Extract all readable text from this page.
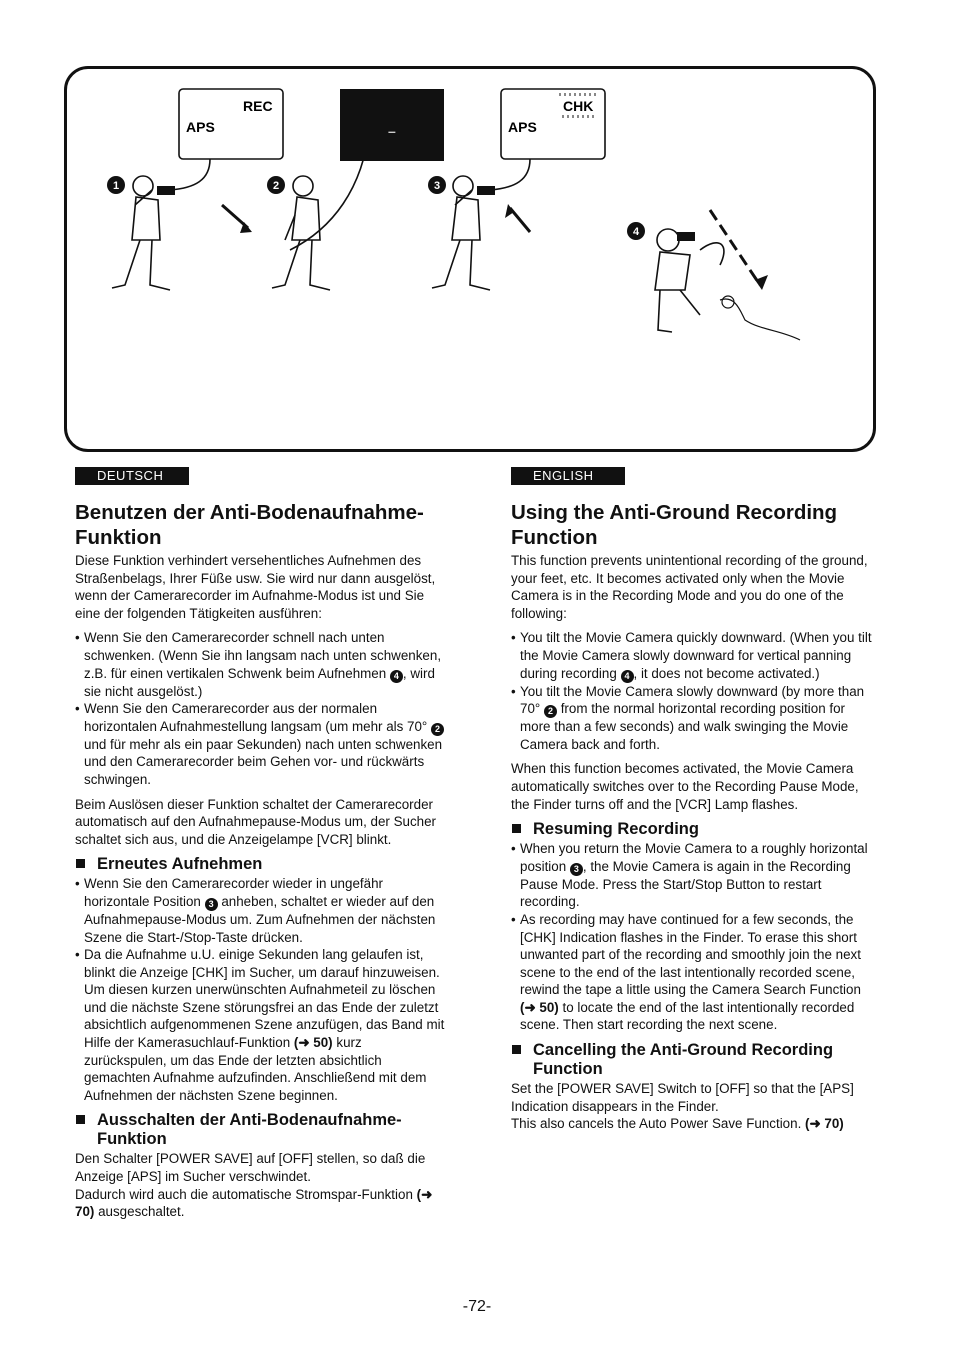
1	2	3
4
REC
APS	–
CHK
APS
DEUTSCH	ENGLISH
Benutzen der Anti-Bodenaufnahme-Funktion
Diese Funktion verhindert versehentliches Aufnehmen des Straßenbelags, Ihrer Füße usw. Sie wird nur dann ausgelöst, wenn der Camerarecorder im Aufnahme-Modus ist und Sie eine der folgenden Tätigkeiten ausführen:
• Wenn Sie den Camerarecorder schnell nach unten schwenken. (Wenn Sie ihn langsam nach unten schwenken, z.B. für einen vertikalen Schwenk beim Aufnehmen 4 , wird sie nicht ausgelöst.)
• Wenn Sie den Camerarecorder aus der normalen horizontalen Aufnahmestellung langsam (um mehr als 70° 2 und für mehr als ein paar Sekunden) nach unten schwenken und den Camerarecorder beim Gehen vor- und rückwärts schwingen.
Beim Auslösen dieser Funktion schaltet der Camerarecorder automatisch auf den Aufnahmepause-Modus um, der Sucher schaltet sich aus, und die Anzeigelampe [VCR] blinkt.
Erneutes Aufnehmen
• Wenn Sie den Camerarecorder wieder in ungefähr horizontale Position 3 anheben, schaltet er wieder auf den Aufnahmepause-Modus um. Zum Aufnehmen der nächsten Szene die Start-/Stop-Taste drücken.
• Da die Aufnahme u.U. einige Sekunden lang gelaufen ist, blinkt die Anzeige [CHK] im Sucher, um darauf hinzuweisen. Um diesen kurzen unerwünschten Aufnahmeteil zu löschen und die nächste Szene störungsfrei an das Ende der zuletzt absichtlich aufgenommenen Szene anzufügen, das Band mit Hilfe der Kamerasuchlauf-Funktion (➜ 50) kurz zurückspulen, um das Ende der letzten absichtlich gemachten Aufnahme aufzufinden. Anschließend mit dem Aufnehmen der nächsten Szene beginnen.
Ausschalten der Anti-Bodenaufnahme-Funktion
Den Schalter [POWER SAVE] auf [OFF] stellen, so daß die Anzeige [APS] im Sucher verschwindet.
Dadurch wird auch die automatische Stromspar-Funktion (➜ 70) ausgeschaltet.
Using the Anti-Ground Recording Function
This function prevents unintentional recording of the ground, your feet, etc. It becomes activated only when the Movie Camera is in the Recording Mode and you do one of the following:
• You tilt the Movie Camera quickly downward. (When you tilt the Movie Camera slowly downward for vertical panning during recording 4 , it does not become activated.)
• You tilt the Movie Camera slowly downward (by more than 70° 2 from the normal horizontal recording position for more than a few seconds) and walk swinging the Movie Camera back and forth.
When this function becomes activated, the Movie Camera automatically switches over to the Recording Pause Mode, the Finder turns off and the [VCR] Lamp flashes.
Resuming Recording
• When you return the Movie Camera to a roughly horizontal position 3 , the Movie Camera is again in the Recording Pause Mode. Press the Start/Stop Button to restart recording.
• As recording may have continued for a few seconds, the [CHK] Indication flashes in the Finder. To erase this short unwanted part of the recording and smoothly join the next scene to the end of the last intentionally recorded scene, rewind the tape a little using the Camera Search Function (➜ 50) to locate the end of the last intentionally recorded scene. Then start recording the next scene.
Cancelling the Anti-Ground Recording Function
Set the [POWER SAVE] Switch to [OFF] so that the [APS] Indication disappears in the Finder.
This also cancels the Auto Power Save Function. (➜ 70)
-72-
